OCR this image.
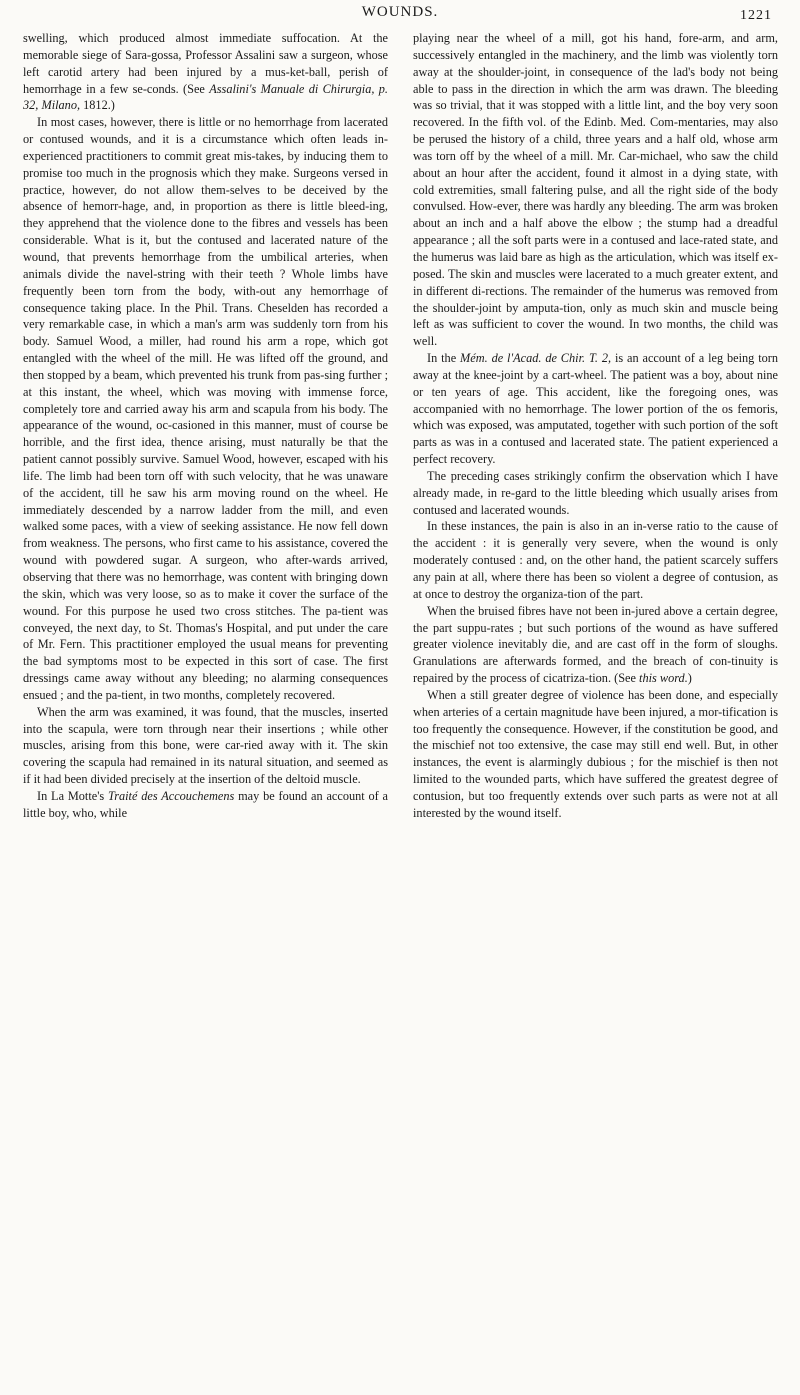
WOUNDS.	1221

swelling, which produced almost immediate suffocation. At the memorable siege of Sara-gossa, Professor Assalini saw a surgeon, whose left carotid artery had been injured by a mus-ket-ball, perish of hemorrhage in a few se-conds. (See Assalini's Manuale di Chirurgia, p. 32, Milano, 1812.)

In most cases, however, there is little or no hemorrhage from lacerated or contused wounds, and it is a circumstance which often leads in-experienced practitioners to commit great mis-takes, by inducing them to promise too much in the prognosis which they make. Surgeons versed in practice, however, do not allow them-selves to be deceived by the absence of hemorr-hage, and, in proportion as there is little bleed-ing, they apprehend that the violence done to the fibres and vessels has been considerable. What is it, but the contused and lacerated nature of the wound, that prevents hemorrhage from the umbilical arteries, when animals divide the navel-string with their teeth ? Whole limbs have frequently been torn from the body, with-out any hemorrhage of consequence taking place. In the Phil. Trans. Cheselden has recorded a very remarkable case, in which a man's arm was suddenly torn from his body. Samuel Wood, a miller, had round his arm a rope, which got entangled with the wheel of the mill. He was lifted off the ground, and then stopped by a beam, which prevented his trunk from pas-sing further ; at this instant, the wheel, which was moving with immense force, completely tore and carried away his arm and scapula from his body. The appearance of the wound, oc-casioned in this manner, must of course be horrible, and the first idea, thence arising, must naturally be that the patient cannot possibly survive. Samuel Wood, however, escaped with his life. The limb had been torn off with such velocity, that he was unaware of the accident, till he saw his arm moving round on the wheel. He immediately descended by a narrow ladder from the mill, and even walked some paces, with a view of seeking assistance. He now fell down from weakness. The persons, who first came to his assistance, covered the wound with powdered sugar. A surgeon, who after-wards arrived, observing that there was no hemorrhage, was content with bringing down the skin, which was very loose, so as to make it cover the surface of the wound. For this purpose he used two cross stitches. The pa-tient was conveyed, the next day, to St. Thomas's Hospital, and put under the care of Mr. Fern. This practitioner employed the usual means for preventing the bad symptoms most to be expected in this sort of case. The first dressings came away without any bleeding; no alarming consequences ensued ; and the pa-tient, in two months, completely recovered.

When the arm was examined, it was found, that the muscles, inserted into the scapula, were torn through near their insertions ; while other muscles, arising from this bone, were car-ried away with it. The skin covering the scapula had remained in its natural situation, and seemed as if it had been divided precisely at the insertion of the deltoid muscle.

In La Motte's Traité des Accouchemens may be found an account of a little boy, who, while

playing near the wheel of a mill, got his hand, fore-arm, and arm, successively entangled in the machinery, and the limb was violently torn away at the shoulder-joint, in consequence of the lad's body not being able to pass in the direction in which the arm was drawn. The bleeding was so trivial, that it was stopped with a little lint, and the boy very soon recovered. In the fifth vol. of the Edinb. Med. Com-mentaries, may also be perused the history of a child, three years and a half old, whose arm was torn off by the wheel of a mill. Mr. Car-michael, who saw the child about an hour after the accident, found it almost in a dying state, with cold extremities, small faltering pulse, and all the right side of the body convulsed. How-ever, there was hardly any bleeding. The arm was broken about an inch and a half above the elbow ; the stump had a dreadful appearance ; all the soft parts were in a contused and lace-rated state, and the humerus was laid bare as high as the articulation, which was itself ex-posed. The skin and muscles were lacerated to a much greater extent, and in different di-rections. The remainder of the humerus was removed from the shoulder-joint by amputa-tion, only as much skin and muscle being left as was sufficient to cover the wound. In two months, the child was well.

In the Mém. de l'Acad. de Chir. T. 2, is an account of a leg being torn away at the knee-joint by a cart-wheel. The patient was a boy, about nine or ten years of age. This accident, like the foregoing ones, was accompanied with no hemorrhage. The lower portion of the os femoris, which was exposed, was amputated, together with such portion of the soft parts as was in a contused and lacerated state. The patient experienced a perfect recovery.

The preceding cases strikingly confirm the observation which I have already made, in re-gard to the little bleeding which usually arises from contused and lacerated wounds.

In these instances, the pain is also in an in-verse ratio to the cause of the accident : it is generally very severe, when the wound is only moderately contused : and, on the other hand, the patient scarcely suffers any pain at all, where there has been so violent a degree of contusion, as at once to destroy the organiza-tion of the part.

When the bruised fibres have not been in-jured above a certain degree, the part suppu-rates ; but such portions of the wound as have suffered greater violence inevitably die, and are cast off in the form of sloughs. Granulations are afterwards formed, and the breach of con-tinuity is repaired by the process of cicatriza-tion. (See this word.)

When a still greater degree of violence has been done, and especially when arteries of a certain magnitude have been injured, a mor-tification is too frequently the consequence. However, if the constitution be good, and the mischief not too extensive, the case may still end well. But, in other instances, the event is alarmingly dubious ; for the mischief is then not limited to the wounded parts, which have suffered the greatest degree of contusion, but too frequently extends over such parts as were not at all interested by the wound itself.
